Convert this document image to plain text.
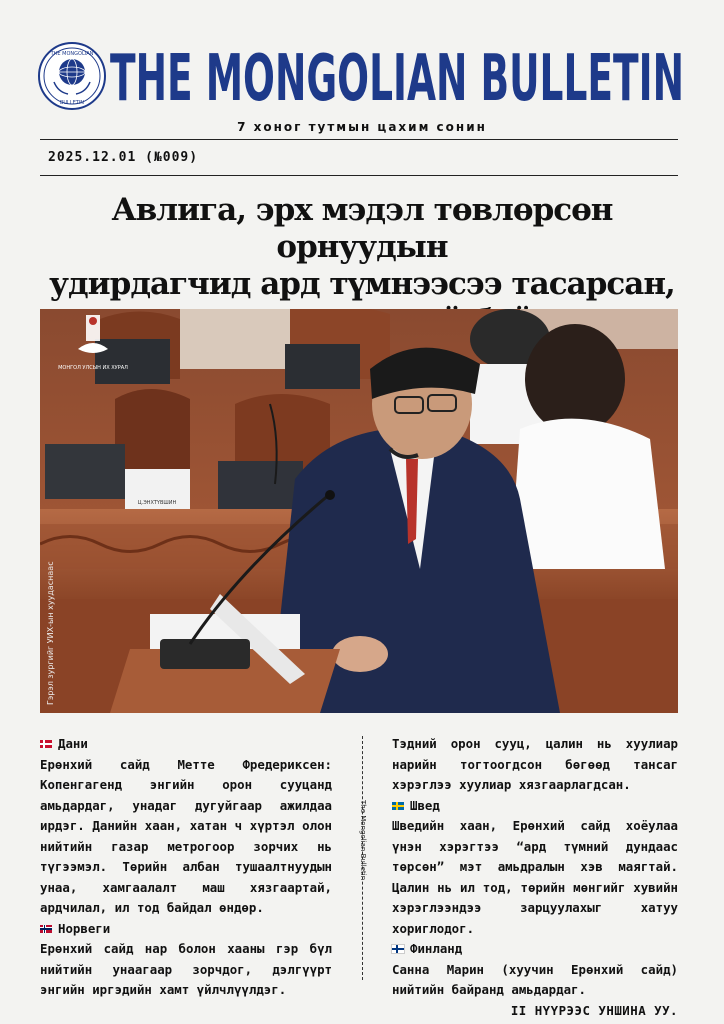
THE MONGOLIAN
BULLETIN THE MONGOLIAN BULLETIN
7 хоног тутмын цахим сонин
2025.12.01 (№009)
Авлига, эрх мэдэл төвлөрсөн орнуудын
удирдагчид ард түмнээсээ тасарсан,
Ц.ЭНХТҮВШИН
МОНГОЛ УЛСЫН ИХ ХУРАЛ
Гэрэл зургийг УИХ-ын хуудаснаас
Дани

Ерөнхий сайд Метте Фредериксен: Копенгагенд энгийн орон сууцанд амьдардаг, унадаг дугуйгаар ажилдаа ирдэг. Данийн хаан, хатан ч хүртэл олон нийтийн газар метрогоор зорчих нь түгээмэл. Төрийн албан тушаалтнуудын унаа, хамгаалалт маш хязгаартай, ардчилал, ил тод байдал өндөр.

Норвеги

Ерөнхий сайд нар болон хааны гэр бүл нийтийн унаагаар зорчдог, дэлгүүрт энгийн иргэдийн хамт үйлчлүүлдэг.

The Mongolian Bulletin

Тэдний орон сууц, цалин нь хуулиар нарийн тогтоогдсон бөгөөд тансаг хэрэглээ хуулиар хязгаарлагдсан.

Швед

Шведийн хаан, Ерөнхий сайд хоёулаа үнэн хэрэгтээ “ард түмний дундаас төрсөн” мэт амьдралын хэв маягтай. Цалин нь ил тод, төрийн мөнгийг хувийн хэрэглээндээ зарцуулахыг хатуу хориглодог.

Финланд

Санна Марин (хуучин Ерөнхий сайд) нийтийн байранд амьдардаг.

II НҮҮРЭЭС УНШИНА УУ.
